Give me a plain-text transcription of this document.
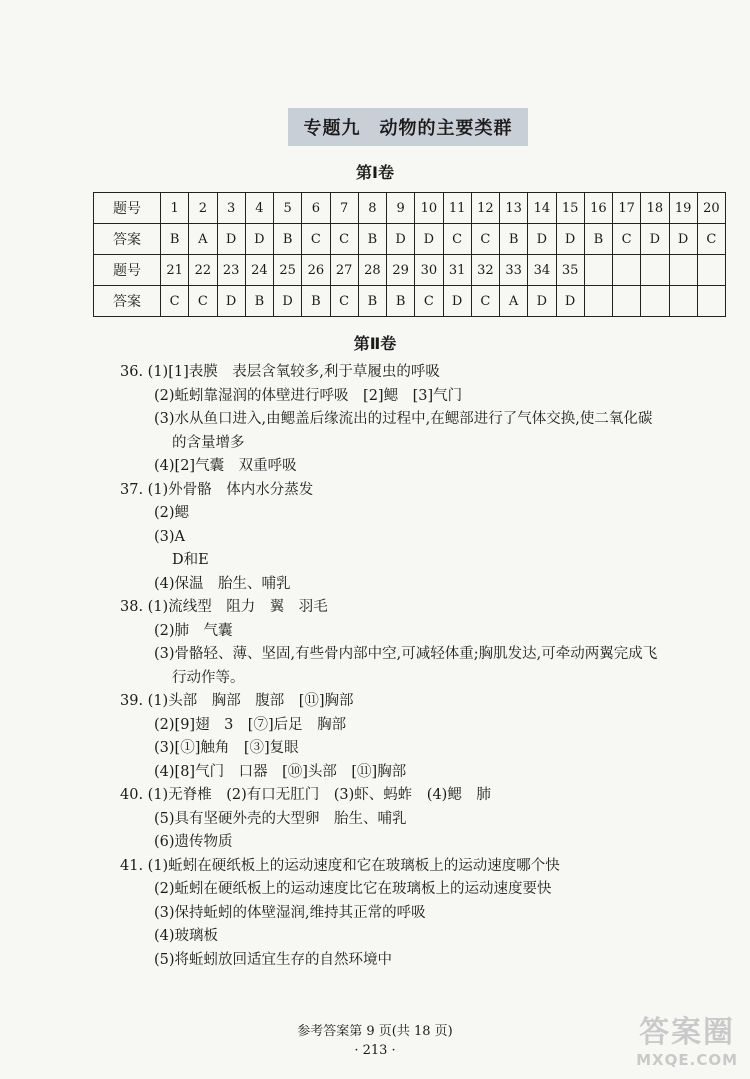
专题九　动物的主要类群
第Ⅰ卷
题号	1	2	3	4	5	6	7	8	9	10	11	12	13	14	15	16	17	18	19	20
答案	B	A	D	D	B	C	C	B	D	D	C	C	B	D	D	B	C	D	D	C
题号	21	22	23	24	25	26	27	28	29	30	31	32	33	34	35					
答案	C	C	D	B	D	B	C	B	B	C	D	C	A	D	D					
第Ⅱ卷
36. (1)[1]表膜　表层含氧较多,利于草履虫的呼吸
(2)蚯蚓靠湿润的体壁进行呼吸　[2]鳃　[3]气门
(3)水从鱼口进入,由鳃盖后缘流出的过程中,在鳃部进行了气体交换,使二氧化碳
的含量增多
(4)[2]气囊　双重呼吸
37. (1)外骨骼　体内水分蒸发
(2)鳃
(3)A
D和E
(4)保温　胎生、哺乳
38. (1)流线型　阻力　翼　羽毛
(2)肺　气囊
(3)骨骼轻、薄、坚固,有些骨内部中空,可减轻体重;胸肌发达,可牵动两翼完成飞
行动作等。
39. (1)头部　胸部　腹部　[⑪]胸部
(2)[9]翅　3　[⑦]后足　胸部
(3)[①]触角　[③]复眼
(4)[8]气门　口器　[⑩]头部　[⑪]胸部
40. (1)无脊椎　(2)有口无肛门　(3)虾、蚂蚱　(4)鳃　肺
(5)具有坚硬外壳的大型卵　胎生、哺乳
(6)遗传物质
41. (1)蚯蚓在硬纸板上的运动速度和它在玻璃板上的运动速度哪个快
(2)蚯蚓在硬纸板上的运动速度比它在玻璃板上的运动速度要快
(3)保持蚯蚓的体壁湿润,维持其正常的呼吸
(4)玻璃板
(5)将蚯蚓放回适宜生存的自然环境中
参考答案第 9 页(共 18 页)
· 213 ·
答案圈
MXQE.COM
